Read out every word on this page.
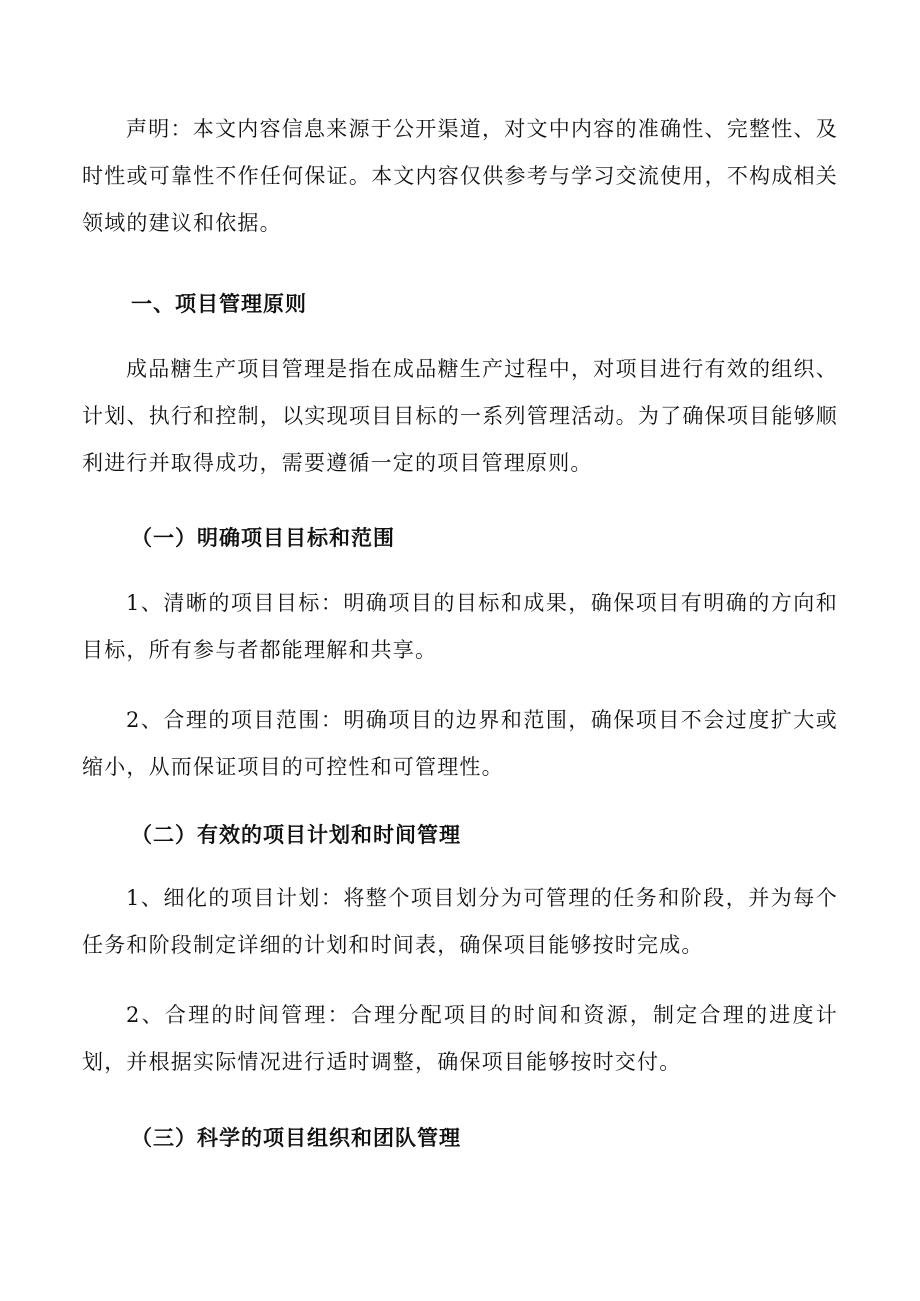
声明：本文内容信息来源于公开渠道，对文中内容的准确性、完整性、及时性或可靠性不作任何保证。本文内容仅供参考与学习交流使用，不构成相关领域的建议和依据。

一、项目管理原则

成品糖生产项目管理是指在成品糖生产过程中，对项目进行有效的组织、计划、执行和控制，以实现项目目标的一系列管理活动。为了确保项目能够顺利进行并取得成功，需要遵循一定的项目管理原则。

（一）明确项目目标和范围

1、清晰的项目目标：明确项目的目标和成果，确保项目有明确的方向和目标，所有参与者都能理解和共享。

2、合理的项目范围：明确项目的边界和范围，确保项目不会过度扩大或缩小，从而保证项目的可控性和可管理性。

（二）有效的项目计划和时间管理

1、细化的项目计划：将整个项目划分为可管理的任务和阶段，并为每个任务和阶段制定详细的计划和时间表，确保项目能够按时完成。

2、合理的时间管理：合理分配项目的时间和资源，制定合理的进度计划，并根据实际情况进行适时调整，确保项目能够按时交付。

（三）科学的项目组织和团队管理
